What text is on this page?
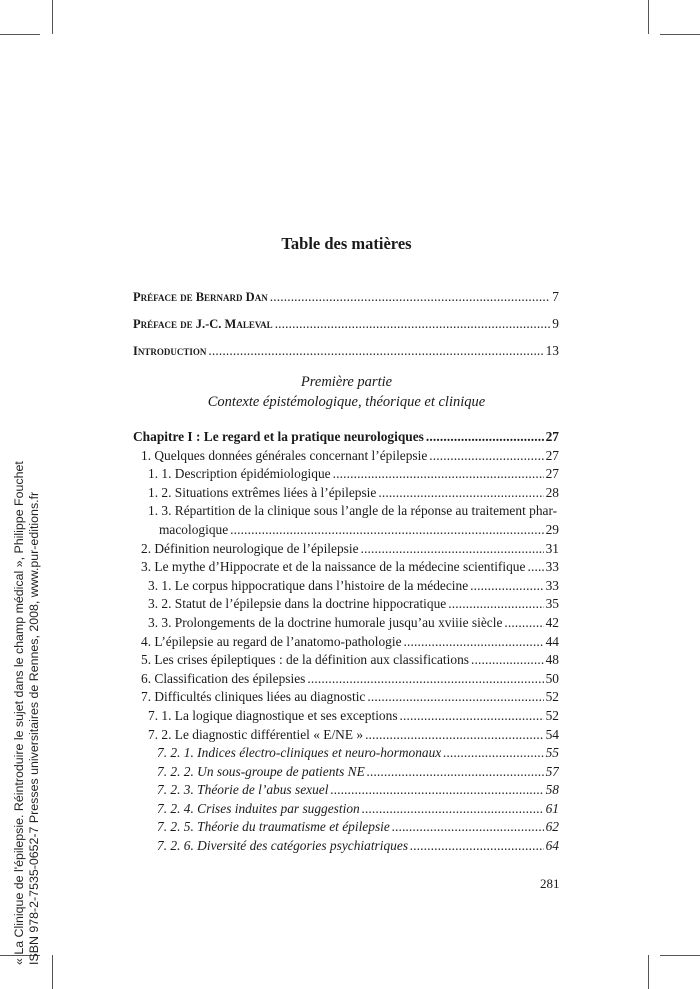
Table des matières
Préface de Bernard Dan . . .	7
Préface de J.-C. Maleval . . .	9
Introduction . . .	13
Première partie
Contexte épistémologique, théorique et clinique
Chapitre I : Le regard et la pratique neurologiques . . .	27
1. Quelques données générales concernant l’épilepsie . . .	27
1. 1. Description épidémiologique . . .	27
1. 2. Situations extrêmes liées à l’épilepsie . . .	28
1. 3. Répartition de la clinique sous l’angle de la réponse au traitement phar-
macologique . . .	29
2. Définition neurologique de l’épilepsie . . .	31
3. Le mythe d’Hippocrate et de la naissance de la médecine scientifique . . . 33
3. 1. Le corpus hippocratique dans l’histoire de la médecine . . .	33
3. 2. Statut de l’épilepsie dans la doctrine hippocratique . . .	35
3. 3. Prolongements de la doctrine humorale jusqu’au xviiie siècle . . .	42
4. L’épilepsie au regard de l’anatomo-pathologie . . .	44
5. Les crises épileptiques : de la définition aux classifications . . .	48
6. Classification des épilepsies . . .	50
7. Difficultés cliniques liées au diagnostic . . .	52
7. 1. La logique diagnostique et ses exceptions . . .	52
7. 2. Le diagnostic différentiel « E/NE » . . .	54
7. 2. 1. Indices électro-cliniques et neuro-hormonaux . . .	55
7. 2. 2. Un sous-groupe de patients NE . . .	57
7. 2. 3. Théorie de l’abus sexuel . . .	58
7. 2. 4. Crises induites par suggestion . . .	61
7. 2. 5. Théorie du traumatisme et épilepsie . . .	62
7. 2. 6. Diversité des catégories psychiatriques . . .	64
281
« La Clinique de l'épilepsie. Réintroduire le sujet dans le champ médical », Philippe Fouchet ISBN 978-2-7535-0652-7 Presses universitaires de Rennes, 2008, www.pur-editions.fr
